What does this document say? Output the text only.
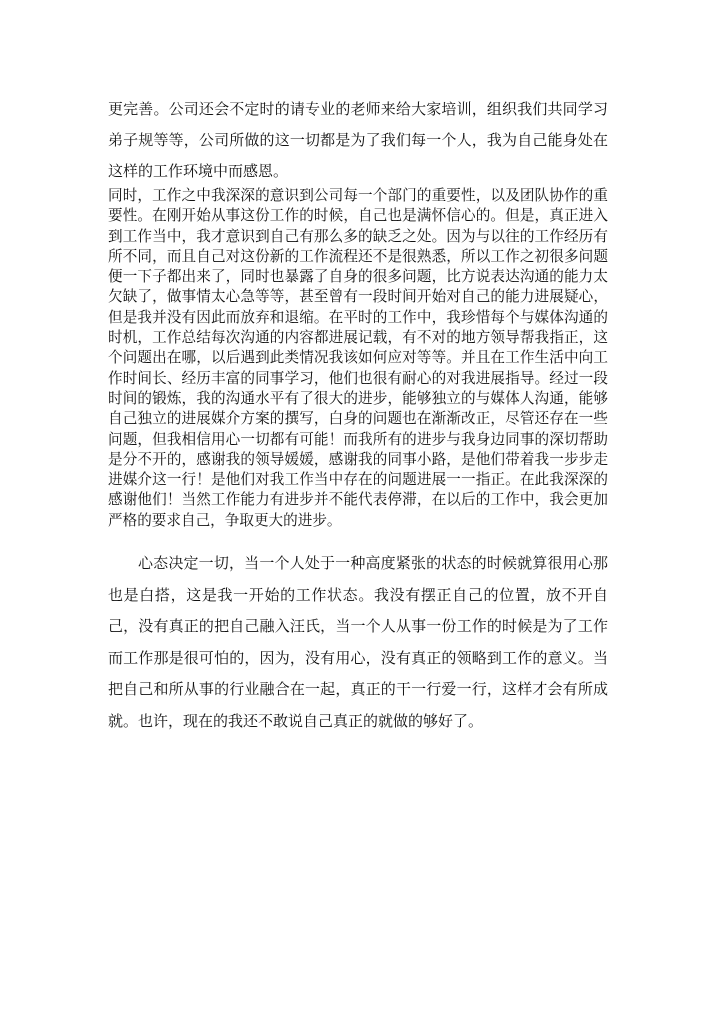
更完善。公司还会不定时的请专业的老师来给大家培训，组织我们共同学习弟子规等等，公司所做的这一切都是为了我们每一个人，我为自己能身处在这样的工作环境中而感恩。

同时，工作之中我深深的意识到公司每一个部门的重要性，以及团队协作的重要性。在刚开始从事这份工作的时候，自己也是满怀信心的。但是，真正进入到工作当中，我才意识到自己有那么多的缺乏之处。因为与以往的工作经历有所不同，而且自己对这份新的工作流程还不是很熟悉，所以工作之初很多问题便一下子都出来了，同时也暴露了自身的很多问题，比方说表达沟通的能力太欠缺了，做事情太心急等等，甚至曾有一段时间开始对自己的能力进展疑心，但是我并没有因此而放弃和退缩。在平时的工作中，我珍惜每个与媒体沟通的时机，工作总结每次沟通的内容都进展记载，有不对的地方领导帮我指正，这个问题出在哪，以后遇到此类情况我该如何应对等等。并且在工作生活中向工作时间长、经历丰富的同事学习，他们也很有耐心的对我进展指导。经过一段时间的锻炼，我的沟通水平有了很大的进步，能够独立的与媒体人沟通，能够自己独立的进展媒介方案的撰写，白身的问题也在渐渐改正，尽管还存在一些问题，但我相信用心一切都有可能！而我所有的进步与我身边同事的深切帮助是分不开的，感谢我的领导媛媛，感谢我的同事小路，是他们带着我一步步走进媒介这一行！是他们对我工作当中存在的问题进展一一指正。在此我深深的感谢他们！当然工作能力有进步并不能代表停滞，在以后的工作中，我会更加严格的要求自己，争取更大的进步。

心态决定一切，当一个人处于一种高度紧张的状态的时候就算很用心那也是白搭，这是我一开始的工作状态。我没有摆正自己的位置，放不开自己，没有真正的把自己融入汪氏，当一个人从事一份工作的时候是为了工作而工作那是很可怕的，因为，没有用心，没有真正的领略到工作的意义。当把自己和所从事的行业融合在一起，真正的干一行爱一行，这样才会有所成就。也许，现在的我还不敢说自己真正的就做的够好了。
